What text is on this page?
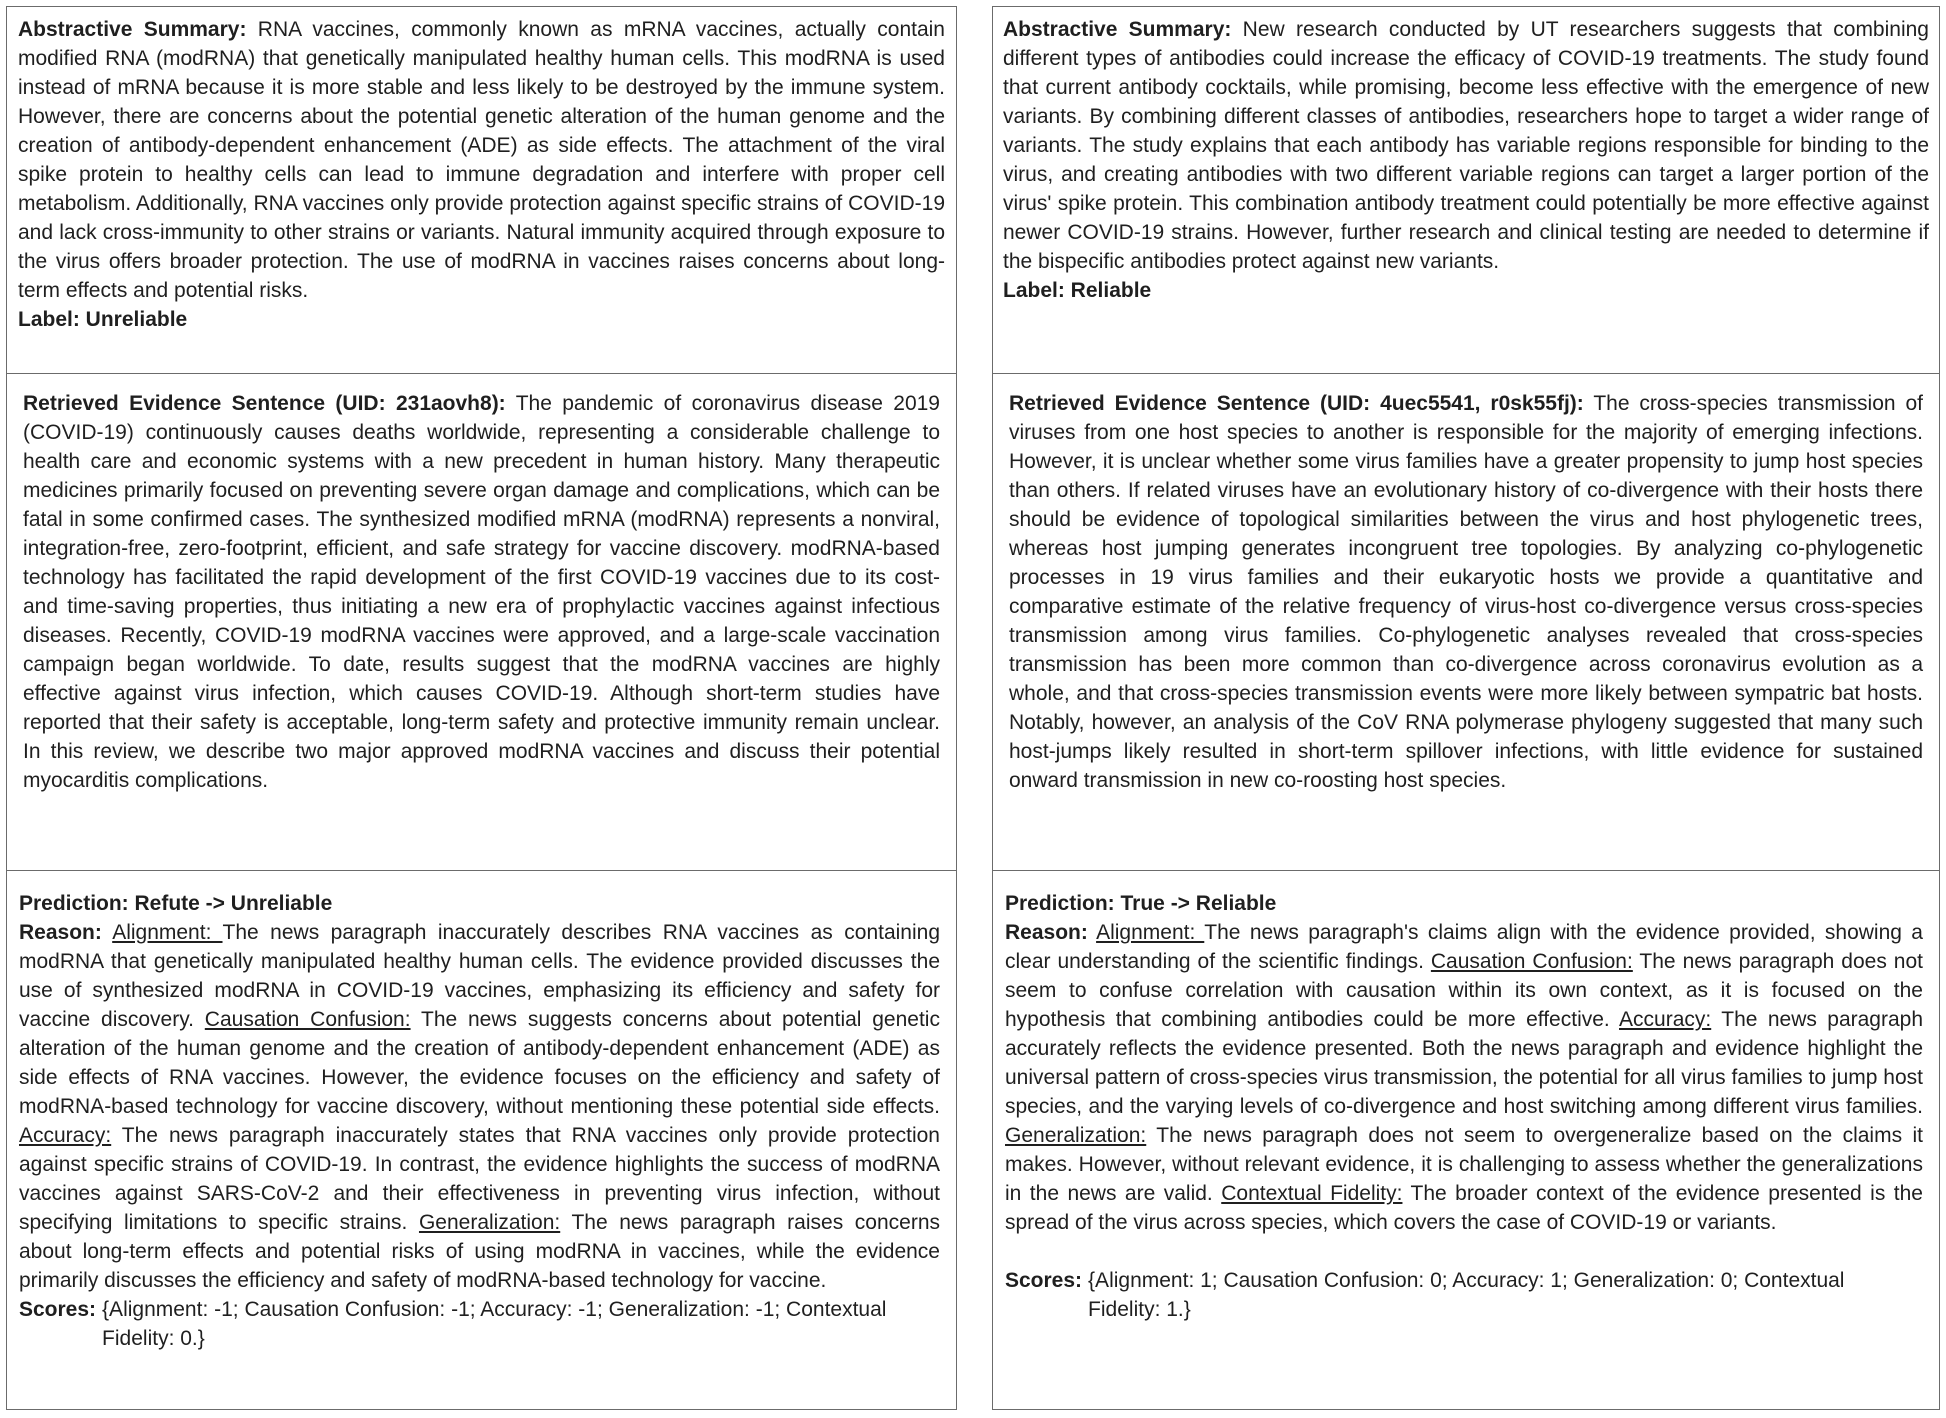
Abstractive Summary: RNA vaccines, commonly known as mRNA vaccines, actually contain modified RNA (modRNA) that genetically manipulated healthy human cells. This modRNA is used instead of mRNA because it is more stable and less likely to be destroyed by the immune system. However, there are concerns about the potential genetic alteration of the human genome and the creation of antibody-dependent enhancement (ADE) as side effects. The attachment of the viral spike protein to healthy cells can lead to immune degradation and interfere with proper cell metabolism. Additionally, RNA vaccines only provide protection against specific strains of COVID-19 and lack cross-immunity to other strains or variants. Natural immunity acquired through exposure to the virus offers broader protection. The use of modRNA in vaccines raises concerns about long-term effects and potential risks.

Label: Unreliable

Retrieved Evidence Sentence (UID: 231aovh8): The pandemic of coronavirus disease 2019 (COVID-19) continuously causes deaths worldwide, representing a considerable challenge to health care and economic systems with a new precedent in human history. Many therapeutic medicines primarily focused on preventing severe organ damage and complications, which can be fatal in some confirmed cases. The synthesized modified mRNA (modRNA) represents a nonviral, integration-free, zero-footprint, efficient, and safe strategy for vaccine discovery. modRNA-based technology has facilitated the rapid development of the first COVID-19 vaccines due to its cost- and time-saving properties, thus initiating a new era of prophylactic vaccines against infectious diseases. Recently, COVID-19 modRNA vaccines were approved, and a large-scale vaccination campaign began worldwide. To date, results suggest that the modRNA vaccines are highly effective against virus infection, which causes COVID-19. Although short-term studies have reported that their safety is acceptable, long-term safety and protective immunity remain unclear. In this review, we describe two major approved modRNA vaccines and discuss their potential myocarditis complications.

Prediction: Refute -> Unreliable

Reason: Alignment: The news paragraph inaccurately describes RNA vaccines as containing modRNA that genetically manipulated healthy human cells. The evidence provided discusses the use of synthesized modRNA in COVID-19 vaccines, emphasizing its efficiency and safety for vaccine discovery. Causation Confusion: The news suggests concerns about potential genetic alteration of the human genome and the creation of antibody-dependent enhancement (ADE) as side effects of RNA vaccines. However, the evidence focuses on the efficiency and safety of modRNA-based technology for vaccine discovery, without mentioning these potential side effects. Accuracy: The news paragraph inaccurately states that RNA vaccines only provide protection against specific strains of COVID-19. In contrast, the evidence highlights the success of modRNA vaccines against SARS-CoV-2 and their effectiveness in preventing virus infection, without specifying limitations to specific strains. Generalization: The news paragraph raises concerns about long-term effects and potential risks of using modRNA in vaccines, while the evidence primarily discusses the efficiency and safety of modRNA-based technology for vaccine.

Scores: {Alignment: -1; Causation Confusion: -1; Accuracy: -1; Generalization: -1; Contextual Fidelity: 0.}

Abstractive Summary: New research conducted by UT researchers suggests that combining different types of antibodies could increase the efficacy of COVID-19 treatments. The study found that current antibody cocktails, while promising, become less effective with the emergence of new variants. By combining different classes of antibodies, researchers hope to target a wider range of variants. The study explains that each antibody has variable regions responsible for binding to the virus, and creating antibodies with two different variable regions can target a larger portion of the virus' spike protein. This combination antibody treatment could potentially be more effective against newer COVID-19 strains. However, further research and clinical testing are needed to determine if the bispecific antibodies protect against new variants.

Label: Reliable

Retrieved Evidence Sentence (UID: 4uec5541, r0sk55fj): The cross-species transmission of viruses from one host species to another is responsible for the majority of emerging infections. However, it is unclear whether some virus families have a greater propensity to jump host species than others. If related viruses have an evolutionary history of co-divergence with their hosts there should be evidence of topological similarities between the virus and host phylogenetic trees, whereas host jumping generates incongruent tree topologies. By analyzing co-phylogenetic processes in 19 virus families and their eukaryotic hosts we provide a quantitative and comparative estimate of the relative frequency of virus-host co-divergence versus cross-species transmission among virus families. Co-phylogenetic analyses revealed that cross-species transmission has been more common than co-divergence across coronavirus evolution as a whole, and that cross-species transmission events were more likely between sympatric bat hosts. Notably, however, an analysis of the CoV RNA polymerase phylogeny suggested that many such host-jumps likely resulted in short-term spillover infections, with little evidence for sustained onward transmission in new co-roosting host species.

Prediction: True -> Reliable

Reason: Alignment: The news paragraph's claims align with the evidence provided, showing a clear understanding of the scientific findings. Causation Confusion: The news paragraph does not seem to confuse correlation with causation within its own context, as it is focused on the hypothesis that combining antibodies could be more effective. Accuracy: The news paragraph accurately reflects the evidence presented. Both the news paragraph and evidence highlight the universal pattern of cross-species virus transmission, the potential for all virus families to jump host species, and the varying levels of co-divergence and host switching among different virus families. Generalization: The news paragraph does not seem to overgeneralize based on the claims it makes. However, without relevant evidence, it is challenging to assess whether the generalizations in the news are valid. Contextual Fidelity: The broader context of the evidence presented is the spread of the virus across species, which covers the case of COVID-19 or variants.

Scores: {Alignment: 1; Causation Confusion: 0; Accuracy: 1; Generalization: 0; Contextual Fidelity: 1.}
